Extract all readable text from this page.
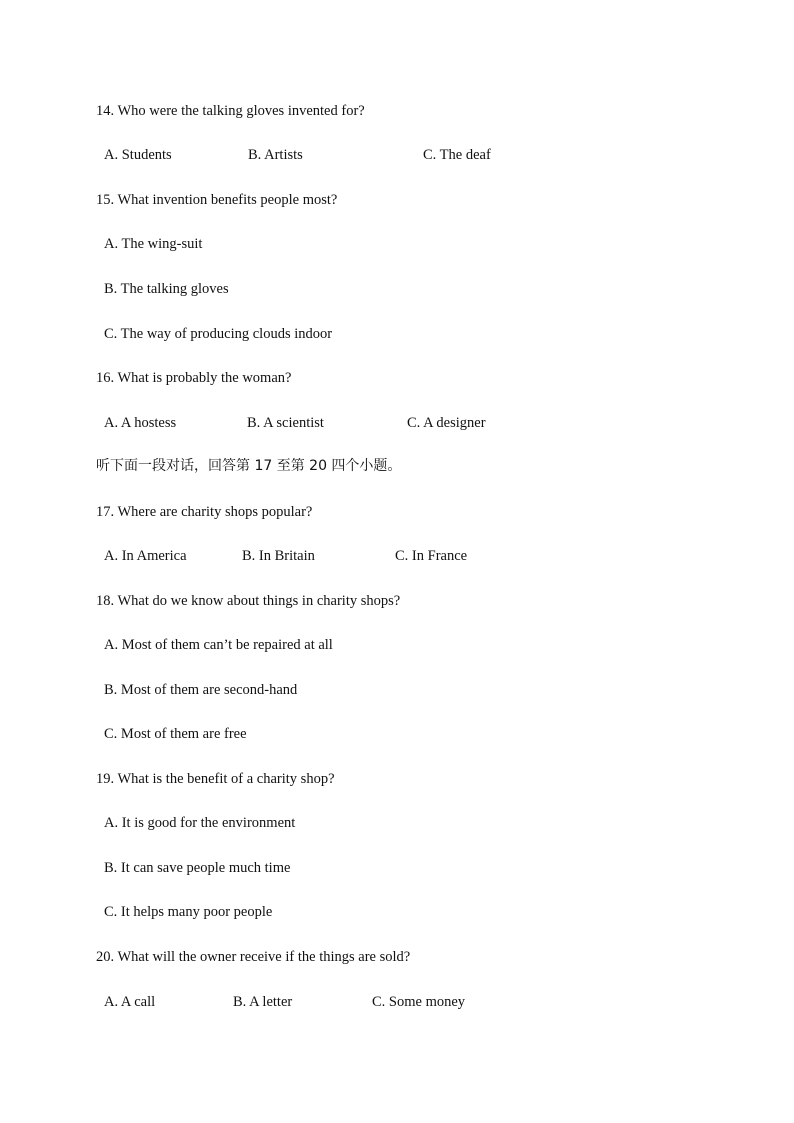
14. Who were the talking gloves invented for?
A. Students	B. Artists	C. The deaf
15. What invention benefits people most?
A. The wing-suit
B. The talking gloves
C. The way of producing clouds indoor
16. What is probably the woman?
A. A hostess	B. A scientist	C. A designer
听下面一段对话，回答第 17 至第 20 四个小题。
17. Where are charity shops popular?
A. In America	B. In Britain	C. In France
18. What do we know about things in charity shops?
A. Most of them can’t be repaired at all
B. Most of them are second-hand
C. Most of them are free
19. What is the benefit of a charity shop?
A. It is good for the environment
B. It can save people much time
C. It helps many poor people
20. What will the owner receive if the things are sold?
A. A call	B. A letter	C. Some money
